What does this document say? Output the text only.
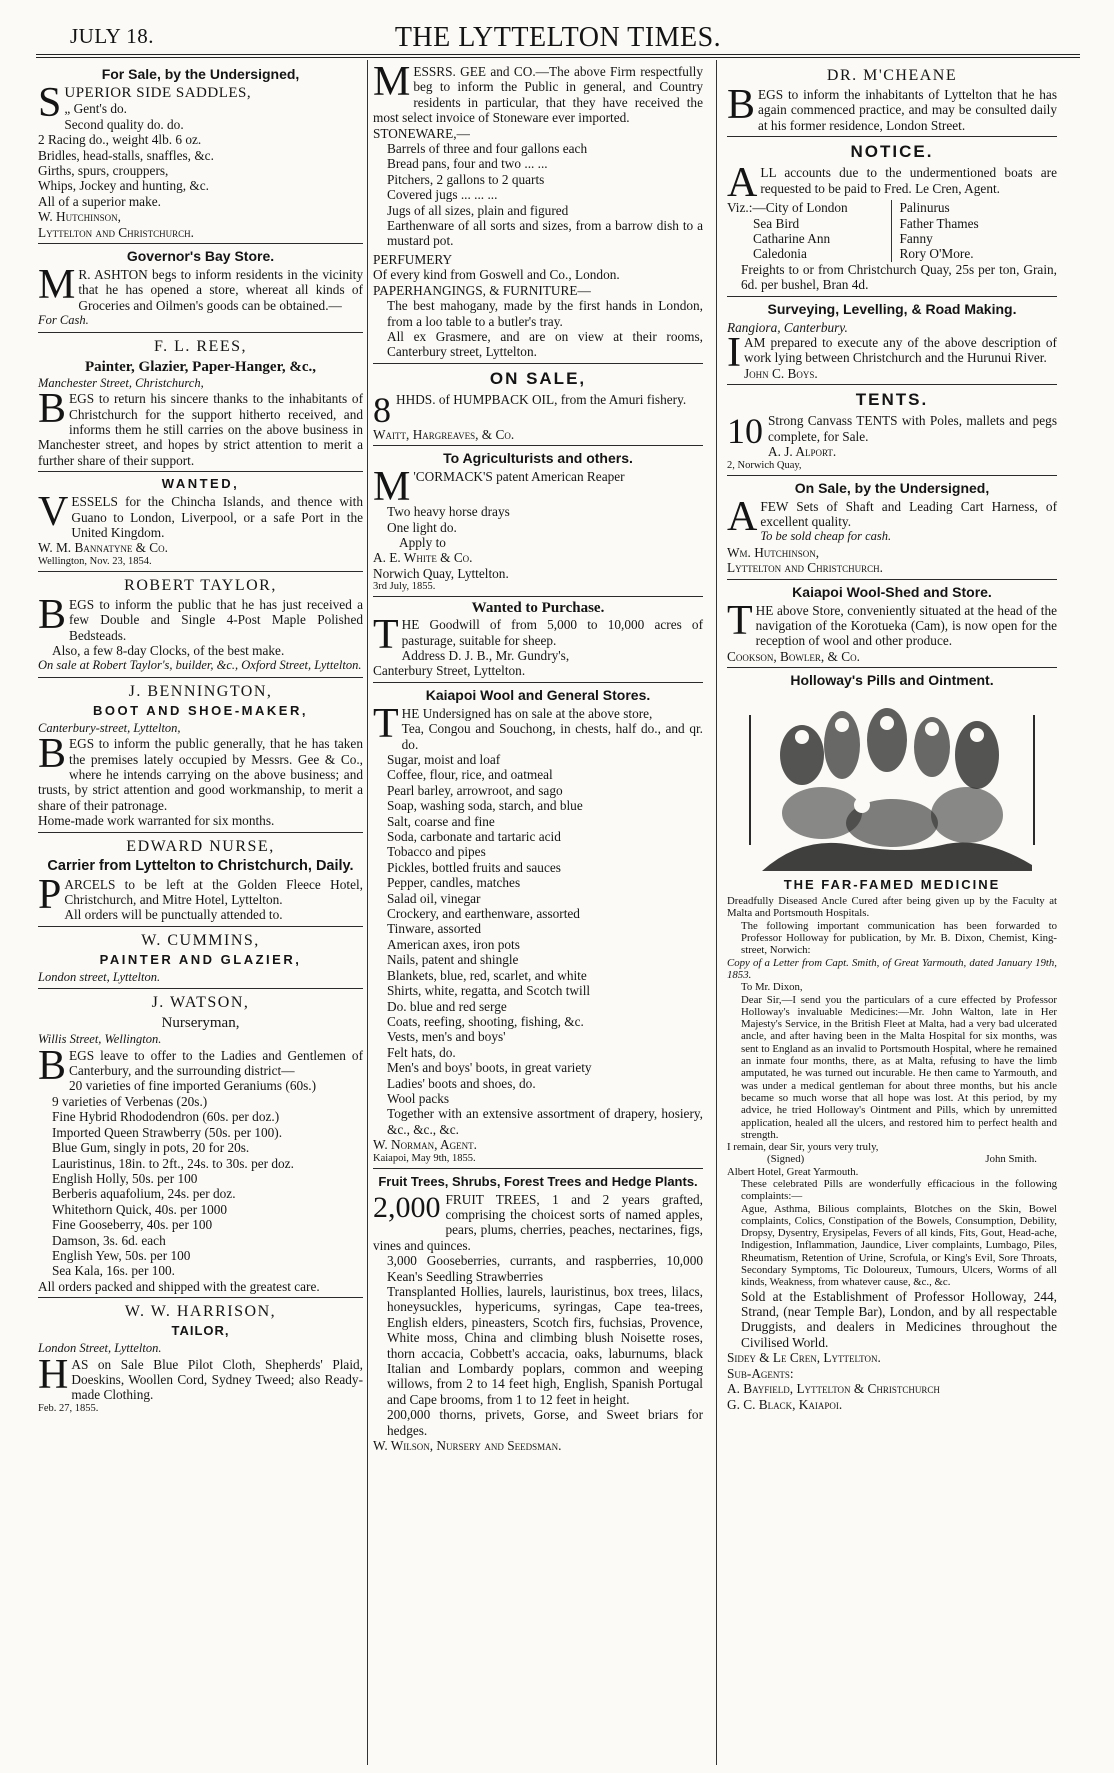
JULY 18.	THE LYTTELTON TIMES.
For Sale, by the Undersigned,

SUPERIOR SIDE SADDLES,

„ Gent's do.

Second quality do. do.

2 Racing do., weight 4lb. 6 oz.

Bridles, head-stalls, snaffles, &c.

Girths, spurs, crouppers,

Whips, Jockey and hunting, &c.

All of a superior make.

W. Hutchinson,

Lyttelton and Christchurch.

Governor's Bay Store.

M R. ASHTON begs to inform residents in the vicinity that he has opened a store, whereat all kinds of Groceries and Oilmen's goods can be obtained.—

For Cash.

F. L. REES,
Painter, Glazier, Paper-Hanger, &c.,

Manchester Street, Christchurch,

BEGS to return his sincere thanks to the inhabitants of Christchurch for the support hitherto received, and informs them he still carries on the above business in Manchester street, and hopes by strict attention to merit a further share of their support.

WANTED,

VESSELS for the Chincha Islands, and thence with Guano to London, Liverpool, or a safe Port in the United Kingdom.

W. M. Bannatyne & Co.

Wellington, Nov. 23, 1854.

ROBERT TAYLOR,

BEGS to inform the public that he has just received a few Double and Single 4-Post Maple Polished Bedsteads.

Also, a few 8-day Clocks, of the best make.

On sale at Robert Taylor's, builder, &c., Oxford Street, Lyttelton.

J. BENNINGTON,
BOOT AND SHOE-MAKER,

Canterbury-street, Lyttelton,

BEGS to inform the public generally, that he has taken the premises lately occupied by Messrs. Gee & Co., where he intends carrying on the above business; and trusts, by strict attention and good workmanship, to merit a share of their patronage.

Home-made work warranted for six months.

EDWARD NURSE,
Carrier from Lyttelton to Christchurch, Daily.

PARCELS to be left at the Golden Fleece Hotel, Christchurch, and Mitre Hotel, Lyttelton.

All orders will be punctually attended to.

W. CUMMINS,
PAINTER AND GLAZIER,

London street, Lyttelton.

J. WATSON,
Nurseryman,

Willis Street, Wellington.

BEGS leave to offer to the Ladies and Gentlemen of Canterbury, and the surrounding district—

20 varieties of fine imported Geraniums (60s.)

9 varieties of Verbenas (20s.)

Fine Hybrid Rhododendron (60s. per doz.)

Imported Queen Strawberry (50s. per 100).

Blue Gum, singly in pots, 20 for 20s.

Lauristinus, 18in. to 2ft., 24s. to 30s. per doz.

English Holly, 50s. per 100

Berberis aquafolium, 24s. per doz.

Whitethorn Quick, 40s. per 1000

Fine Gooseberry, 40s. per 100

Damson, 3s. 6d. each

English Yew, 50s. per 100

Sea Kala, 16s. per 100.

All orders packed and shipped with the greatest care.

W. W. HARRISON,
TAILOR,

London Street, Lyttelton.

HAS on Sale Blue Pilot Cloth, Shepherds' Plaid, Doeskins, Woollen Cord, Sydney Tweed; also Ready-made Clothing.

Feb. 27, 1855.

MESSRS. GEE and CO.—The above Firm respectfully beg to inform the Public in general, and Country residents in particular, that they have received the most select invoice of Stoneware ever imported.

STONEWARE,—

Barrels of three and four gallons each

Bread pans, four and two ... ...

Pitchers, 2 gallons to 2 quarts

Covered jugs ... ... ...

Jugs of all sizes, plain and figured

Earthenware of all sorts and sizes, from a barrow dish to a mustard pot.

PERFUMERY

Of every kind from Goswell and Co., London.

PAPERHANGINGS, & FURNITURE—

The best mahogany, made by the first hands in London, from a loo table to a butler's tray.

All ex Grasmere, and are on view at their rooms, Canterbury street, Lyttelton.

ON SALE,

8 HHDS. of HUMPBACK OIL, from the Amuri fishery.

Waitt, Hargreaves, & Co.

To Agriculturists and others.

M 'CORMACK'S patent American Reaper

Two heavy horse drays

One light do.

Apply to

A. E. White & Co.

Norwich Quay, Lyttelton.

3rd July, 1855.

Wanted to Purchase.

THE Goodwill of from 5,000 to 10,000 acres of pasturage, suitable for sheep.

Address D. J. B., Mr. Gundry's,

Canterbury Street, Lyttelton.

Kaiapoi Wool and General Stores.

THE Undersigned has on sale at the above store,

Tea, Congou and Souchong, in chests, half do., and qr. do.

Sugar, moist and loaf

Coffee, flour, rice, and oatmeal

Pearl barley, arrowroot, and sago

Soap, washing soda, starch, and blue

Salt, coarse and fine

Soda, carbonate and tartaric acid

Tobacco and pipes

Pickles, bottled fruits and sauces

Pepper, candles, matches

Salad oil, vinegar

Crockery, and earthenware, assorted

Tinware, assorted

American axes, iron pots

Nails, patent and shingle

Blankets, blue, red, scarlet, and white

Shirts, white, regatta, and Scotch twill

Do. blue and red serge

Coats, reefing, shooting, fishing, &c.

Vests, men's and boys'

Felt hats, do.

Men's and boys' boots, in great variety

Ladies' boots and shoes, do.

Wool packs

Together with an extensive assortment of drapery, hosiery, &c., &c., &c.

W. Norman, Agent.

Kaiapoi, May 9th, 1855.

Fruit Trees, Shrubs, Forest Trees and Hedge Plants.

2,000 FRUIT TREES, 1 and 2 years grafted, comprising the choicest sorts of named apples, pears, plums, cherries, peaches, nectarines, figs, vines and quinces.

3,000 Gooseberries, currants, and raspberries, 10,000 Kean's Seedling Strawberries

Transplanted Hollies, laurels, lauristinus, box trees, lilacs, honeysuckles, hypericums, syringas, Cape tea-trees, English elders, pineasters, Scotch firs, fuchsias, Provence, White moss, China and climbing blush Noisette roses, thorn accacia, Cobbett's accacia, oaks, laburnums, black Italian and Lombardy poplars, common and weeping willows, from 2 to 14 feet high, English, Spanish Portugal and Cape brooms, from 1 to 12 feet in height.

200,000 thorns, privets, Gorse, and Sweet briars for hedges.

W. Wilson, Nursery and Seedsman.

DR. M'CHEANE

BEGS to inform the inhabitants of Lyttelton that he has again commenced practice, and may be consulted daily at his former residence, London Street.

NOTICE.

ALL accounts due to the undermentioned boats are requested to be paid to Fred. Le Cren, Agent.

Viz.:—City of London

Sea Bird

Catharine Ann

Caledonia

Palinurus

Father Thames

Fanny

Rory O'More.

Freights to or from Christchurch Quay, 25s per ton, Grain, 6d. per bushel, Bran 4d.

Surveying, Levelling, & Road Making.

Rangiora, Canterbury.

IAM prepared to execute any of the above description of work lying between Christchurch and the Hurunui River.

John C. Boys.

TENTS.

10 Strong Canvass TENTS with Poles, mallets and pegs complete, for Sale.

A. J. Alport.

2, Norwich Quay,

On Sale, by the Undersigned,

AFEW Sets of Shaft and Leading Cart Harness, of excellent quality.

To be sold cheap for cash.

Wm. Hutchinson,

Lyttelton and Christchurch.

Kaiapoi Wool-Shed and Store.

THE above Store, conveniently situated at the head of the navigation of the Korotueka (Cam), is now open for the reception of wool and other produce.

Cookson, Bowler, & Co.

Holloway's Pills and Ointment.
THE FAR-FAMED MEDICINE

Dreadfully Diseased Ancle Cured after being given up by the Faculty at Malta and Portsmouth Hospitals.

The following important communication has been forwarded to Professor Holloway for publication, by Mr. B. Dixon, Chemist, King-street, Norwich:

Copy of a Letter from Capt. Smith, of Great Yarmouth, dated January 19th, 1853.

To Mr. Dixon,

Dear Sir,—I send you the particulars of a cure effected by Professor Holloway's invaluable Medicines:—Mr. John Walton, late in Her Majesty's Service, in the British Fleet at Malta, had a very bad ulcerated ancle, and after having been in the Malta Hospital for six months, was sent to England as an invalid to Portsmouth Hospital, where he remained an inmate four months, there, as at Malta, refusing to have the limb amputated, he was turned out incurable. He then came to Yarmouth, and was under a medical gentleman for about three months, but his ancle became so much worse that all hope was lost. At this period, by my advice, he tried Holloway's Ointment and Pills, which by unremitted application, healed all the ulcers, and restored him to perfect health and strength.

I remain, dear Sir, yours very truly,

(Signed)	John Smith.

Albert Hotel, Great Yarmouth.

These celebrated Pills are wonderfully efficacious in the following complaints:—

Ague, Asthma, Bilious complaints, Blotches on the Skin, Bowel complaints, Colics, Constipation of the Bowels, Consumption, Debility, Dropsy, Dysentry, Erysipelas, Fevers of all kinds, Fits, Gout, Head-ache, Indigestion, Inflammation, Jaundice, Liver complaints, Lumbago, Piles, Rheumatism, Retention of Urine, Scrofula, or King's Evil, Sore Throats, Secondary Symptoms, Tic Doloureux, Tumours, Ulcers, Worms of all kinds, Weakness, from whatever cause, &c., &c.

Sold at the Establishment of Professor Holloway, 244, Strand, (near Temple Bar), London, and by all respectable Druggists, and dealers in Medicines throughout the Civilised World.

Sidey & Le Cren, Lyttelton.

Sub-Agents:

A. Bayfield, Lyttelton & Christchurch

G. C. Black, Kaiapoi.
